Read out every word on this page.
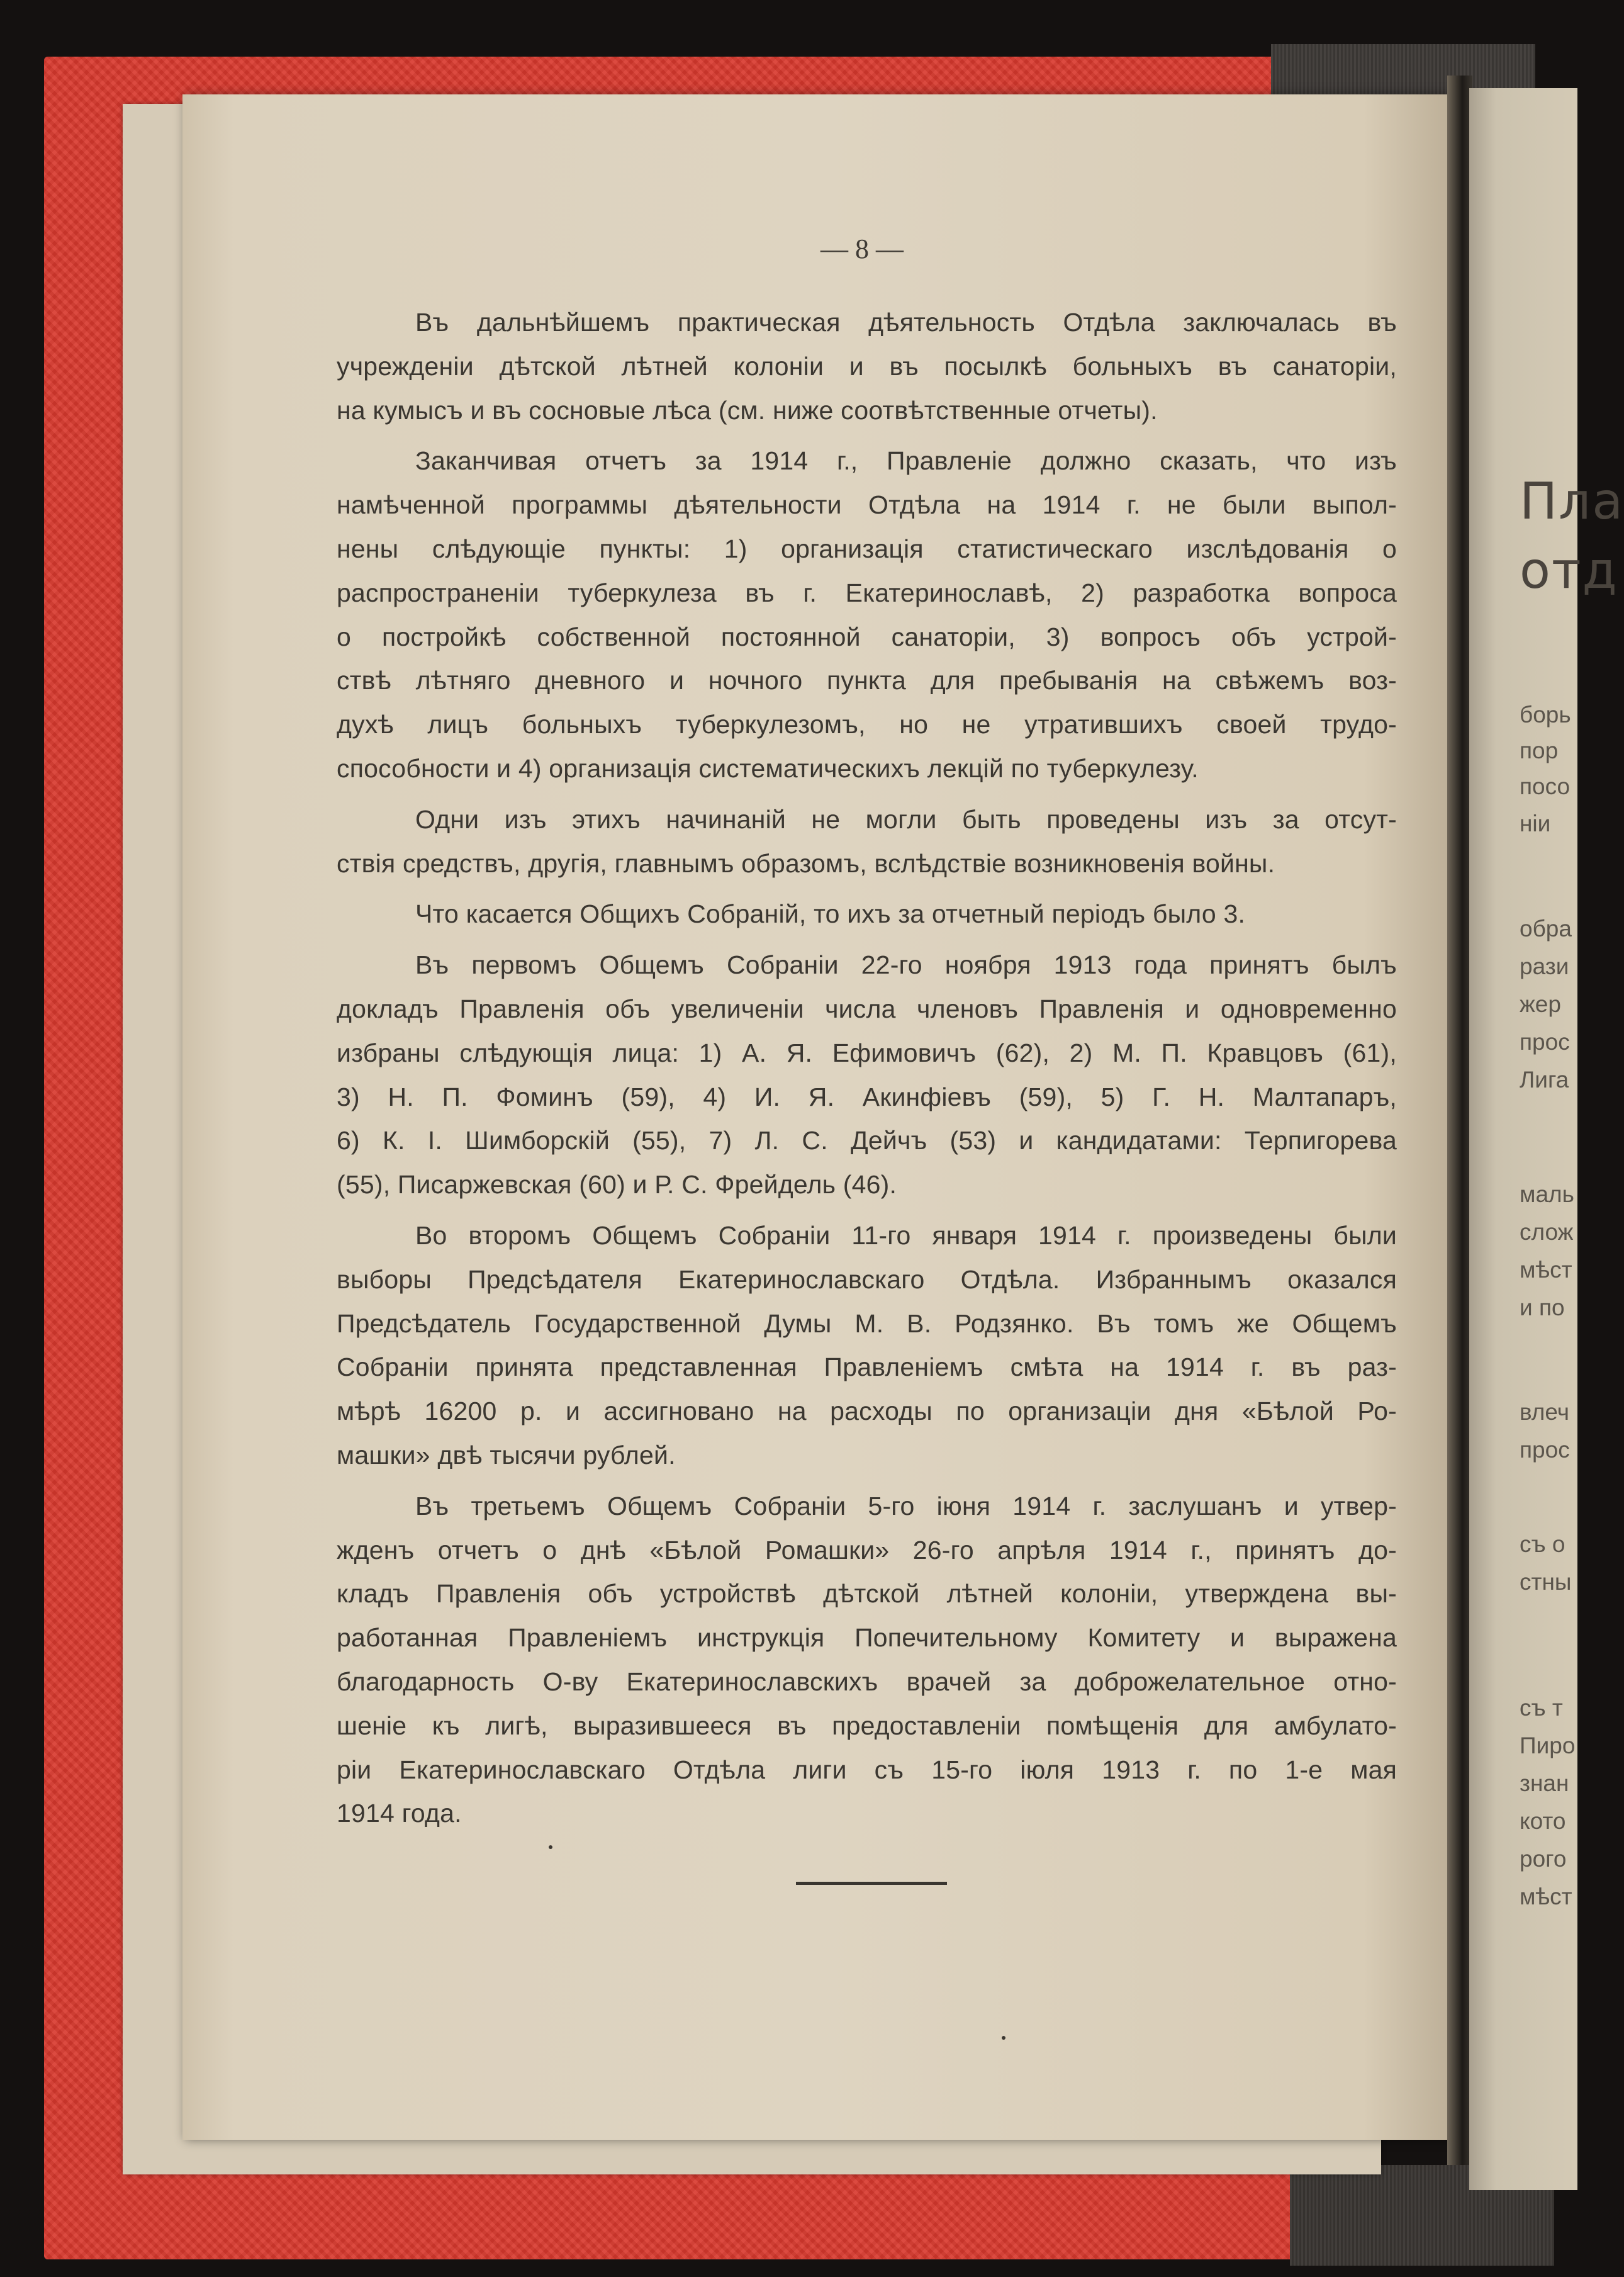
Пла
отд
борь
пор
посо
ніи
обра
рази
жер
прос
Лига
маль
слож
мѣст
и по
влеч
прос
съ о
стны
съ т
Пиро
знан
кото
рого
мѣст
— 8 —
Въ дальнѣйшемъ практическая дѣятельность Отдѣла заключалась въ
учрежденіи дѣтской лѣтней колоніи и въ посылкѣ больныхъ въ санаторіи,
на кумысъ и въ сосновые лѣса (см. ниже соотвѣтственные отчеты).
Заканчивая отчетъ за 1914 г., Правленіе должно сказать, что изъ
намѣченной программы дѣятельности Отдѣла на 1914 г. не были выпол-
нены слѣдующіе пункты: 1) организація статистическаго изслѣдованія о
распространеніи туберкулеза въ г. Екатеринославѣ, 2) разработка вопроса
о постройкѣ собственной постоянной санаторіи, 3) вопросъ объ устрой-
ствѣ лѣтняго дневного и ночного пункта для пребыванія на свѣжемъ воз-
духѣ лицъ больныхъ туберкулезомъ, но не утратившихъ своей трудо-
способности и 4) организація систематическихъ лекцій по туберкулезу.
Одни изъ этихъ начинаній не могли быть проведены изъ за отсут-
ствія средствъ, другія, главнымъ образомъ, вслѣдствіе возникновенія войны.
Что касается Общихъ Собраній, то ихъ за отчетный періодъ было 3.
Въ первомъ Общемъ Собраніи 22-го ноября 1913 года принятъ былъ
докладъ Правленія объ увеличеніи числа членовъ Правленія и одновременно
избраны слѣдующія лица: 1) А. Я. Ефимовичъ (62), 2) М. П. Кравцовъ (61),
3) Н. П. Фоминъ (59), 4) И. Я. Акинфіевъ (59), 5) Г. Н. Малтапаръ,
6) К. І. Шимборскій (55), 7) Л. С. Дейчъ (53) и кандидатами: Терпигорева
(55), Писаржевская (60) и Р. С. Фрейдель (46).
Во второмъ Общемъ Собраніи 11-го января 1914 г. произведены были
выборы Предсѣдателя Екатеринославскаго Отдѣла. Избраннымъ оказался
Предсѣдатель Государственной Думы М. В. Родзянко. Въ томъ же Общемъ
Собраніи принята представленная Правленіемъ смѣта на 1914 г. въ раз-
мѣрѣ 16200 р. и ассигновано на расходы по организаціи дня «Бѣлой Ро-
машки» двѣ тысячи рублей.
Въ третьемъ Общемъ Собраніи 5-го іюня 1914 г. заслушанъ и утвер-
жденъ отчетъ о днѣ «Бѣлой Ромашки» 26-го апрѣля 1914 г., принятъ до-
кладъ Правленія объ устройствѣ дѣтской лѣтней колоніи, утверждена вы-
работанная Правленіемъ инструкція Попечительному Комитету и выражена
благодарность О-ву Екатеринославскихъ врачей за доброжелательное отно-
шеніе къ лигѣ, выразившееся въ предоставленіи помѣщенія для амбулато-
ріи Екатеринославскаго Отдѣла лиги съ 15-го іюля 1913 г. по 1-е мая
1914 года.
